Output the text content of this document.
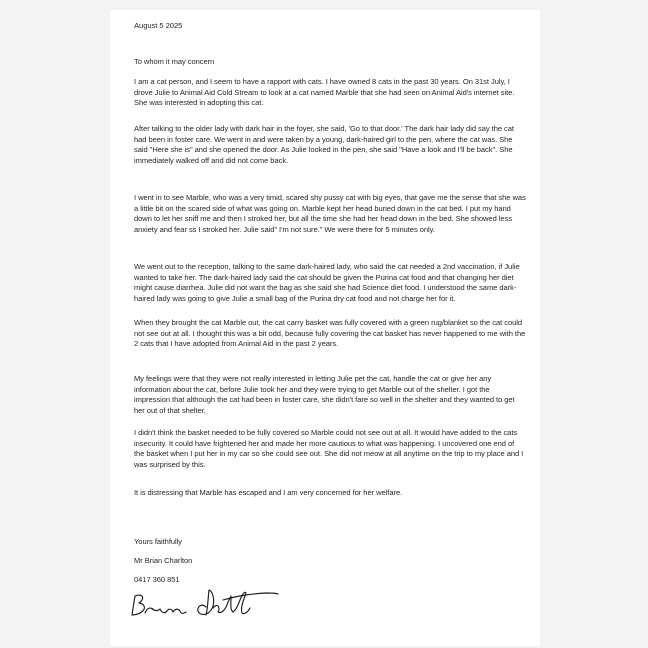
August 5 2025
To whom it may concern

I am a cat person, and I seem to have a rapport with cats. I have owned 8 cats in the past 30 years. On 31st July, I drove Julie to Animal Aid Cold Stream to look at a cat named Marble that she had seen on Animal Aid's internet site. She was interested in adopting this cat.

After talking to the older lady with dark hair in the foyer, she said, 'Go to that door.' The dark hair lady did say the cat had been in foster care. We went in and were taken by a young, dark-haired girl to the pen, where the cat was. She said "Here she is" and she opened the door. As Julie looked in the pen, she said "Have a look and I'll be back". She immediately walked off and did not come back.

I went in to see Marble, who was a very timid, scared shy pussy cat with big eyes, that gave me the sense that she was a little bit on the scared side of what was going on. Marble kept her head buried down in the cat bed. I put my hand down to let her sniff me and then I stroked her, but all the time she had her head down in the bed. She showed less anxiety and fear ss I stroked her. Julie said" I'm not sure." We were there for 5 minutes only.

We went out to the reception, talking to the same dark-haired lady, who said the cat needed a 2nd vaccination, if Julie wanted to take her. The dark-haired lady said the cat should be given the Purina cat food and that changing her diet might cause diarrhea. Julie did not want the bag as she said she had Science diet food. I understood the same dark-haired lady was going to give Julie a small bag of the Purina dry cat food and not charge her for it.

When they brought the cat Marble out, the cat carry basket was fully covered with a green rug/blanket so the cat could not see out at all. I thought this was a bit odd, because fully covering the cat basket has never happened to me with the 2 cats that I have adopted from Animal Aid in the past 2 years.

My feelings were that they were not really interested in letting Julie pet the cat, handle the cat or give her any information about the cat, before Julie took her and they were trying to get Marble out of the shelter. I got the impression that although the cat had been in foster care, she didn't fare so well in the shelter and they wanted to get her out of that shelter.

I didn't think the basket needed to be fully covered so Marble could not see out at all. It would have added to the cats insecurity. It could have frightened her and made her more cautious to what was happening. I uncovered one end of the basket when I put her in my car so she could see out. She did not meow at all anytime on the trip to my place and I was surprised by this.

It is distressing that Marble has escaped and I am very concerned for her welfare.

Yours faithfully
Mr Brian Charlton
0417 360 851
